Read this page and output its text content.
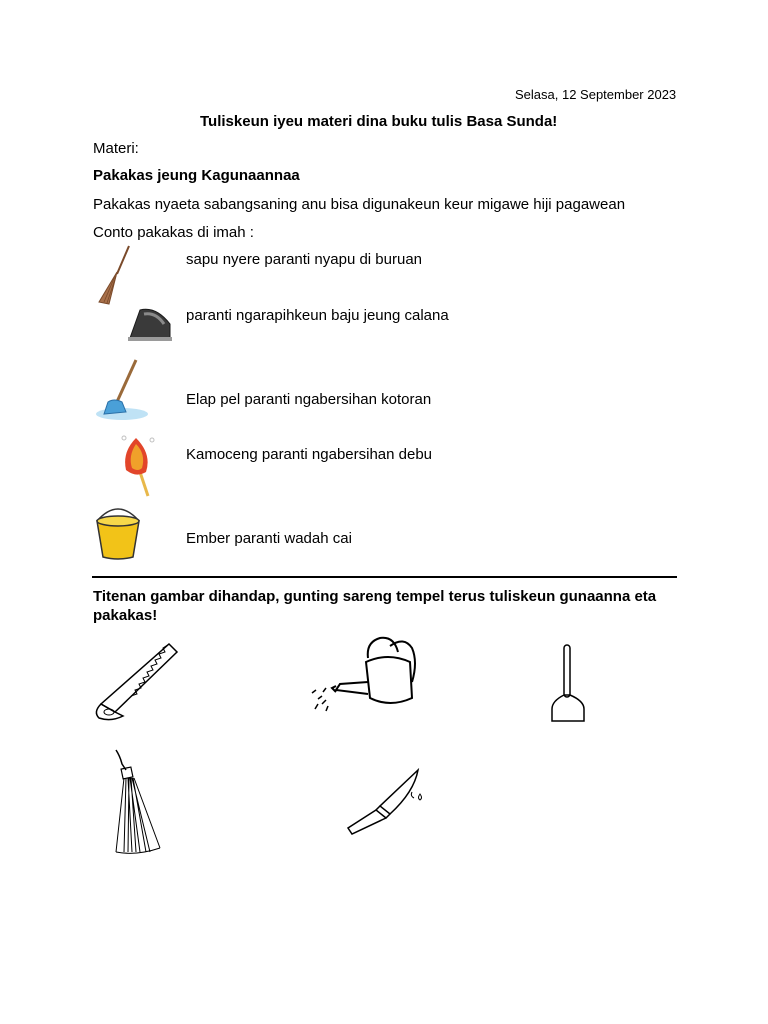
Selasa, 12 September 2023
Tuliskeun iyeu materi dina buku tulis Basa Sunda!
Materi:
Pakakas jeung Kagunaannaa
Pakakas nyaeta sabangsaning anu bisa digunakeun keur migawe hiji pagawean
Conto pakakas di imah :
sapu nyere paranti nyapu di buruan
paranti ngarapihkeun baju jeung calana
Elap pel paranti ngabersihan kotoran
Kamoceng paranti ngabersihan debu
Ember paranti wadah cai
Titenan gambar dihandap, gunting sareng tempel terus tuliskeun gunaanna eta
pakakas!
